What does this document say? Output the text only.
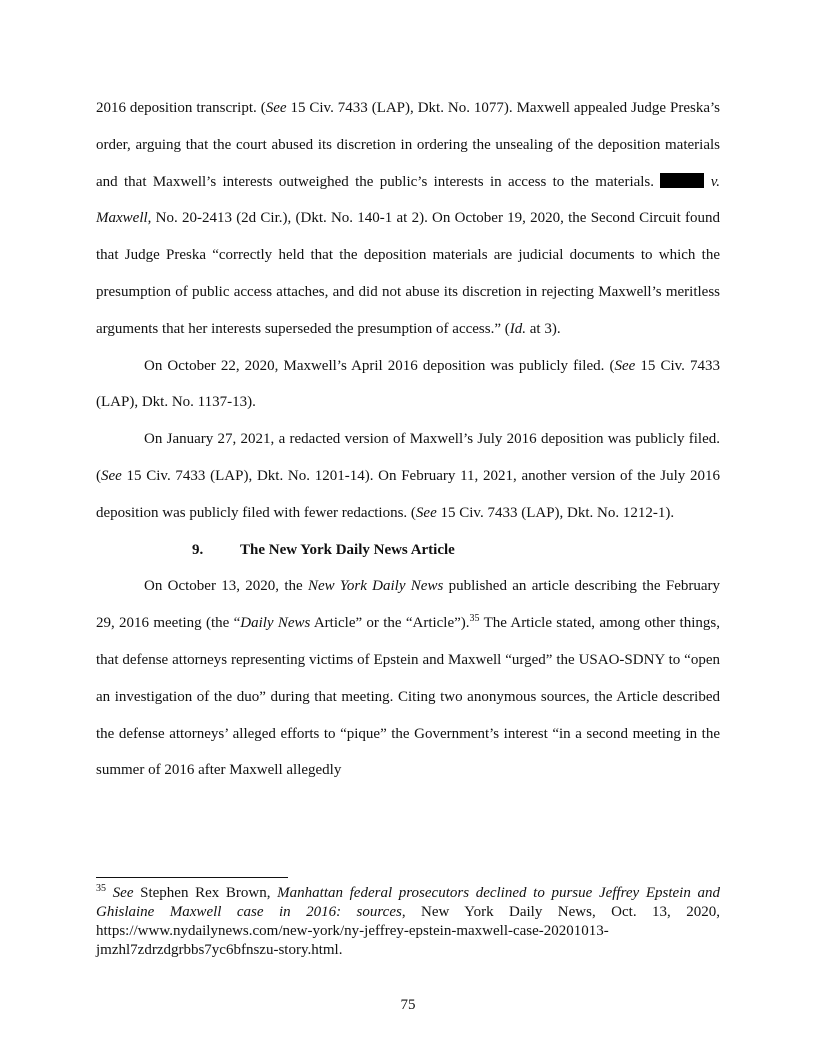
2016 deposition transcript. (See 15 Civ. 7433 (LAP), Dkt. No. 1077). Maxwell appealed Judge Preska’s order, arguing that the court abused its discretion in ordering the unsealing of the deposition materials and that Maxwell’s interests outweighed the public’s interests in access to the materials.	v. Maxwell, No. 20-2413 (2d Cir.), (Dkt. No. 140-1 at 2). On October 19, 2020, the Second Circuit found that Judge Preska “correctly held that the deposition materials are judicial documents to which the presumption of public access attaches, and did not abuse its discretion in rejecting Maxwell’s meritless arguments that her interests superseded the presumption of access.” (Id. at 3).

On October 22, 2020, Maxwell’s April 2016 deposition was publicly filed. (See 15 Civ. 7433 (LAP), Dkt. No. 1137-13).

On January 27, 2021, a redacted version of Maxwell’s July 2016 deposition was publicly filed. (See 15 Civ. 7433 (LAP), Dkt. No. 1201-14). On February 11, 2021, another version of the July 2016 deposition was publicly filed with fewer redactions. (See 15 Civ. 7433 (LAP), Dkt. No. 1212-1).

9. The New York Daily News Article

On October 13, 2020, the New York Daily News published an article describing the February 29, 2016 meeting (the “Daily News Article” or the “Article”).$^{35}$ The Article stated, among other things, that defense attorneys representing victims of Epstein and Maxwell “urged” the USAO-SDNY to “open an investigation of the duo” during that meeting. Citing two anonymous sources, the Article described the defense attorneys’ alleged efforts to “pique” the Government’s interest “in a second meeting in the summer of 2016 after Maxwell allegedly

$^{35}$ See Stephen Rex Brown, Manhattan federal prosecutors declined to pursue Jeffrey Epstein and Ghislaine Maxwell case in 2016: sources, New York Daily News, Oct. 13, 2020, https://www.nydailynews.com/new-york/ny-jeffrey-epstein-maxwell-case-20201013-jmzhl7zdrzdgrbbs7yc6bfnszu-story.html.

75
